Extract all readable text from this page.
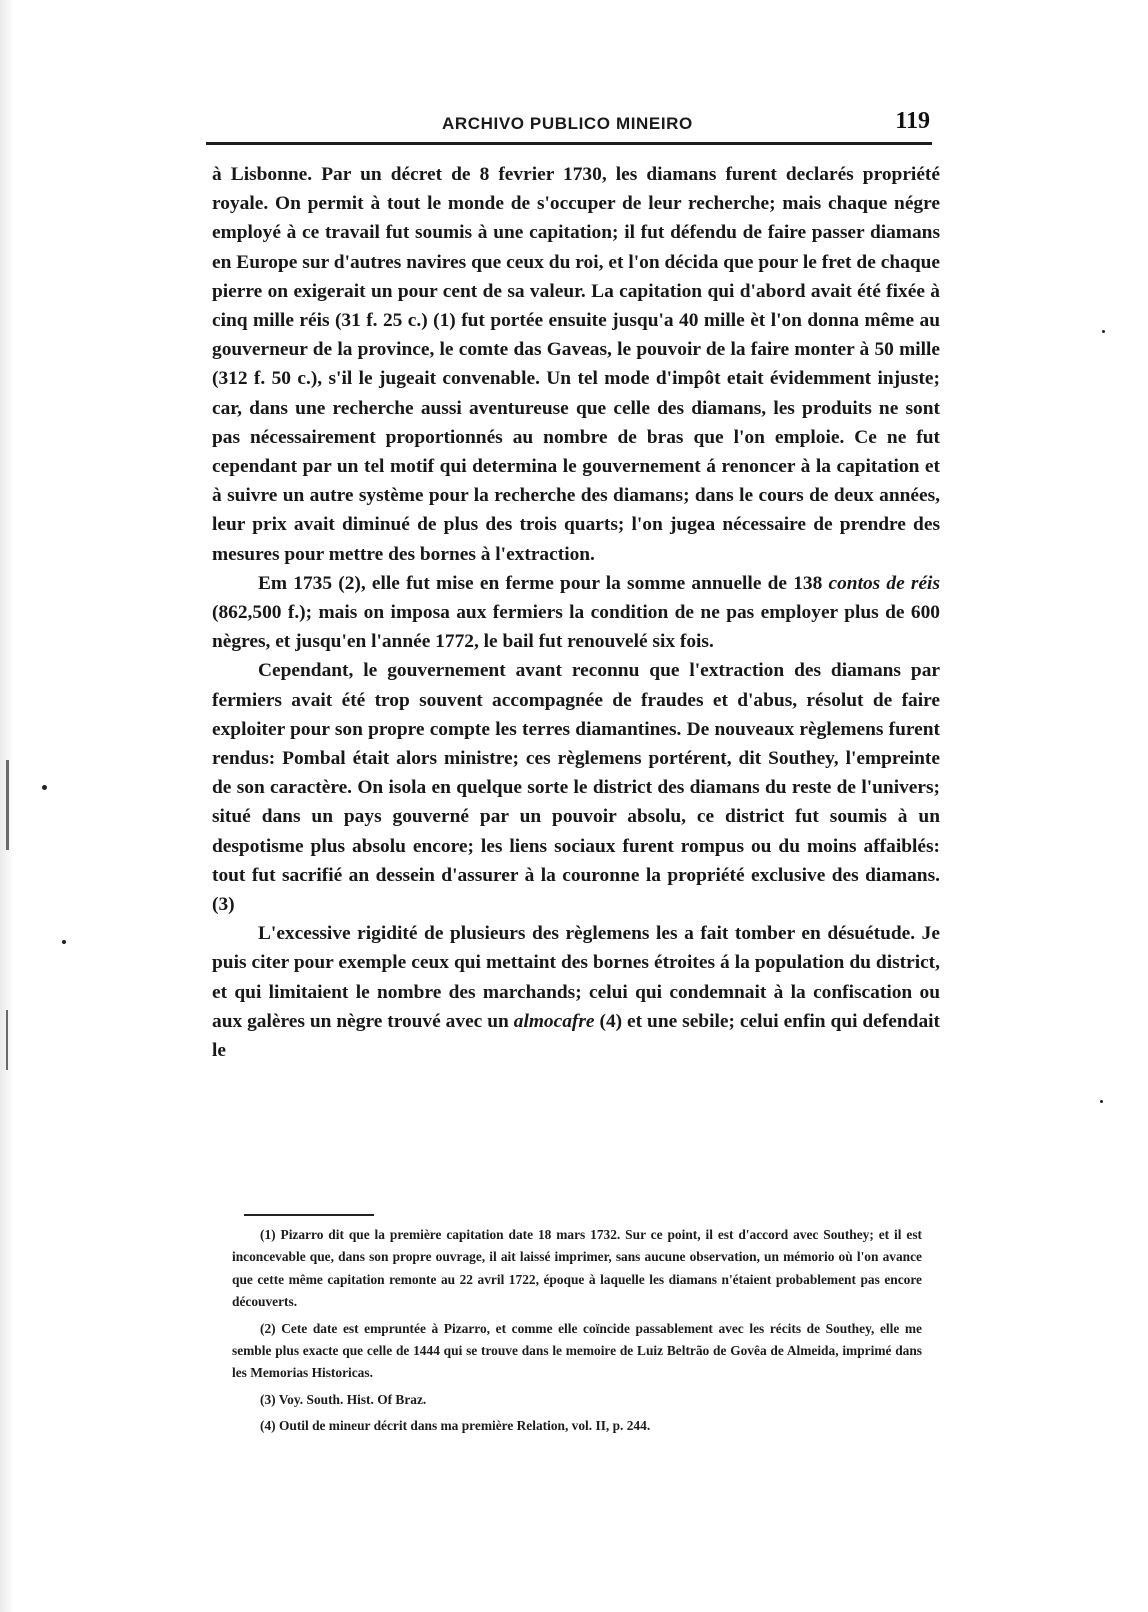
ARCHIVO PUBLICO MINEIRO	119

à Lisbonne. Par un décret de 8 fevrier 1730, les diamans furent declarés propriété royale. On permit à tout le monde de s'occuper de leur recherche; mais chaque négre employé à ce travail fut soumis à une capitation; il fut défendu de faire passer diamans en Europe sur d'autres navires que ceux du roi, et l'on décida que pour le fret de chaque pierre on exigerait un pour cent de sa valeur. La capitation qui d'abord avait été fixée à cinq mille réis (31 f. 25 c.) (1) fut portée ensuite jusqu'a 40 mille èt l'on donna même au gouverneur de la province, le comte das Gaveas, le pouvoir de la faire monter à 50 mille (312 f. 50 c.), s'il le jugeait convenable. Un tel mode d'impôt etait évidemment injuste; car, dans une recherche aussi aventureuse que celle des diamans, les produits ne sont pas nécessairement proportionnés au nombre de bras que l'on emploie. Ce ne fut cependant par un tel motif qui determina le gouvernement á renoncer à la capitation et à suivre un autre système pour la recherche des diamans; dans le cours de deux années, leur prix avait diminué de plus des trois quarts; l'on jugea nécessaire de prendre des mesures pour mettre des bornes à l'extraction.

Em 1735 (2), elle fut mise en ferme pour la somme annuelle de 138 contos de réis (862,500 f.); mais on imposa aux fermiers la condition de ne pas employer plus de 600 nègres, et jusqu'en l'année 1772, le bail fut renouvelé six fois.

Cependant, le gouvernement avant reconnu que l'extraction des diamans par fermiers avait été trop souvent accompagnée de fraudes et d'abus, résolut de faire exploiter pour son propre compte les terres diamantines. De nouveaux règlemens furent rendus: Pombal était alors ministre; ces règlemens portérent, dit Southey, l'empreinte de son caractère. On isola en quelque sorte le district des diamans du reste de l'univers; situé dans un pays gouverné par un pouvoir absolu, ce district fut soumis à un despotisme plus absolu encore; les liens sociaux furent rompus ou du moins affaiblés: tout fut sacrifié an dessein d'assurer à la couronne la propriété exclusive des diamans. (3)

L'excessive rigidité de plusieurs des règlemens les a fait tomber en désuétude. Je puis citer pour exemple ceux qui mettaint des bornes étroites á la population du district, et qui limitaient le nombre des marchands; celui qui condemnait à la confiscation ou aux galères un nègre trouvé avec un almocafre (4) et une sebile; celui enfin qui defendait le

(1) Pizarro dit que la première capitation date 18 mars 1732. Sur ce point, il est d'accord avec Southey; et il est inconcevable que, dans son propre ouvrage, il ait laissé imprimer, sans aucune observation, un mémorio où l'on avance que cette même capitation remonte au 22 avril 1722, époque à laquelle les diamans n'étaient probablement pas encore découverts.

(2) Cete date est empruntée à Pizarro, et comme elle coïncide passablement avec les récits de Southey, elle me semble plus exacte que celle de 1444 qui se trouve dans le memoire de Luiz Beltrão de Govêa de Almeida, imprimé dans les Memorias Historicas.

(3) Voy. South. Hist. Of Braz.

(4) Outil de mineur décrit dans ma première Relation, vol. II, p. 244.
